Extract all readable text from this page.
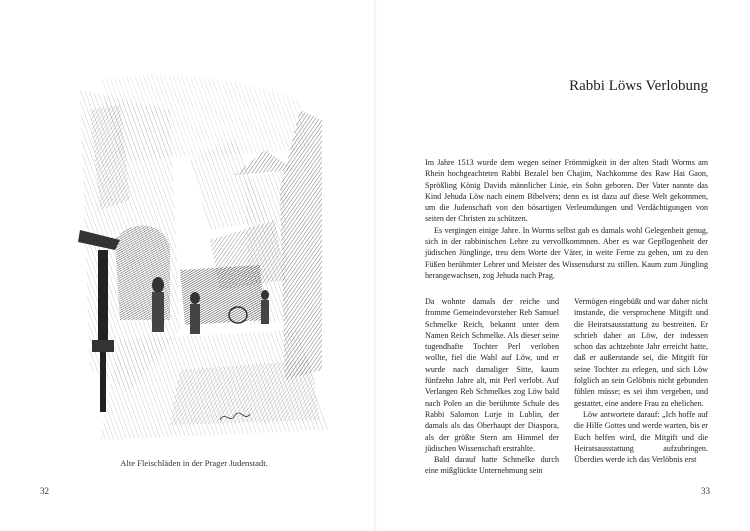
Alte Fleischläden in der Prager Judenstadt.
32
Rabbi Löws Verlobung

Im Jahre 1513 wurde dem wegen seiner Frömmigkeit in der alten Stadt Worms am Rhein hochgeachteten Rabbi Bezalel ben Chajim, Nachkomme des Raw Hai Gaon, Sprößling König Davids männlicher Linie, ein Sohn geboren. Der Vater nannte das Kind Jehuda Löw nach einem Bibelvers; denn es ist dazu auf diese Welt gekommen, um die Judenschaft von den bösartigen Verleumdungen und Verdächtigungen von seiten der Christen zu schützen.

Es vergingen einige Jahre. In Worms selbst gab es damals wohl Gelegenheit genug, sich in der rabbinischen Lehre zu vervollkommnen. Aber es war Gepflogenheit der jüdischen Jünglinge, treu dem Worte der Väter, in weite Ferne zu gehen, um zu den Füßen berühmter Lehrer und Meister des Wissensdurst zu stillen. Kaum zum Jüngling herangewachsen, zog Jehuda nach Prag.

Da wohnte damals der reiche und fromme Gemeindevorsteher Reb Samuel Schmelke Reich, bekannt unter dem Namen Reich Schmelke. Als dieser seine tugendhafte Tochter Perl verloben wollte, fiel die Wahl auf Löw, und er wurde nach damaliger Sitte, kaum fünfzehn Jahre alt, mit Perl verlobt. Auf Verlangen Reb Schmelkes zog Löw bald nach Polen an die berühmte Schule des Rabbi Salomon Lurje in Lublin, der damals als das Oberhaupt der Diaspora, als der größte Stern am Himmel der jüdischen Wissenschaft erstrahlte.

Bald darauf hatte Schmelke durch eine mißglückte Unternehmung sein

Vermögen eingebüßt und war daher nicht imstande, die versprochene Mitgift und die Heiratsausstattung zu bestreiten. Er schrieb daher an Löw, der indessen schon das achtzehnte Jahr erreicht hatte, daß er außerstande sei, die Mitgift für seine Tochter zu erlegen, und sich Löw folglich an sein Gelöbnis nicht gebunden fühlen müsse; es sei ihm vergeben, und gestattet, eine andere Frau zu ehelichen.

Löw antwortete darauf: „Ich hoffe auf die Hilfe Gottes und werde warten, bis er Euch helfen wird, die Mitgift und die Heiratsausstattung aufzubringen. Überdies werde ich das Verlöbnis erst

33
